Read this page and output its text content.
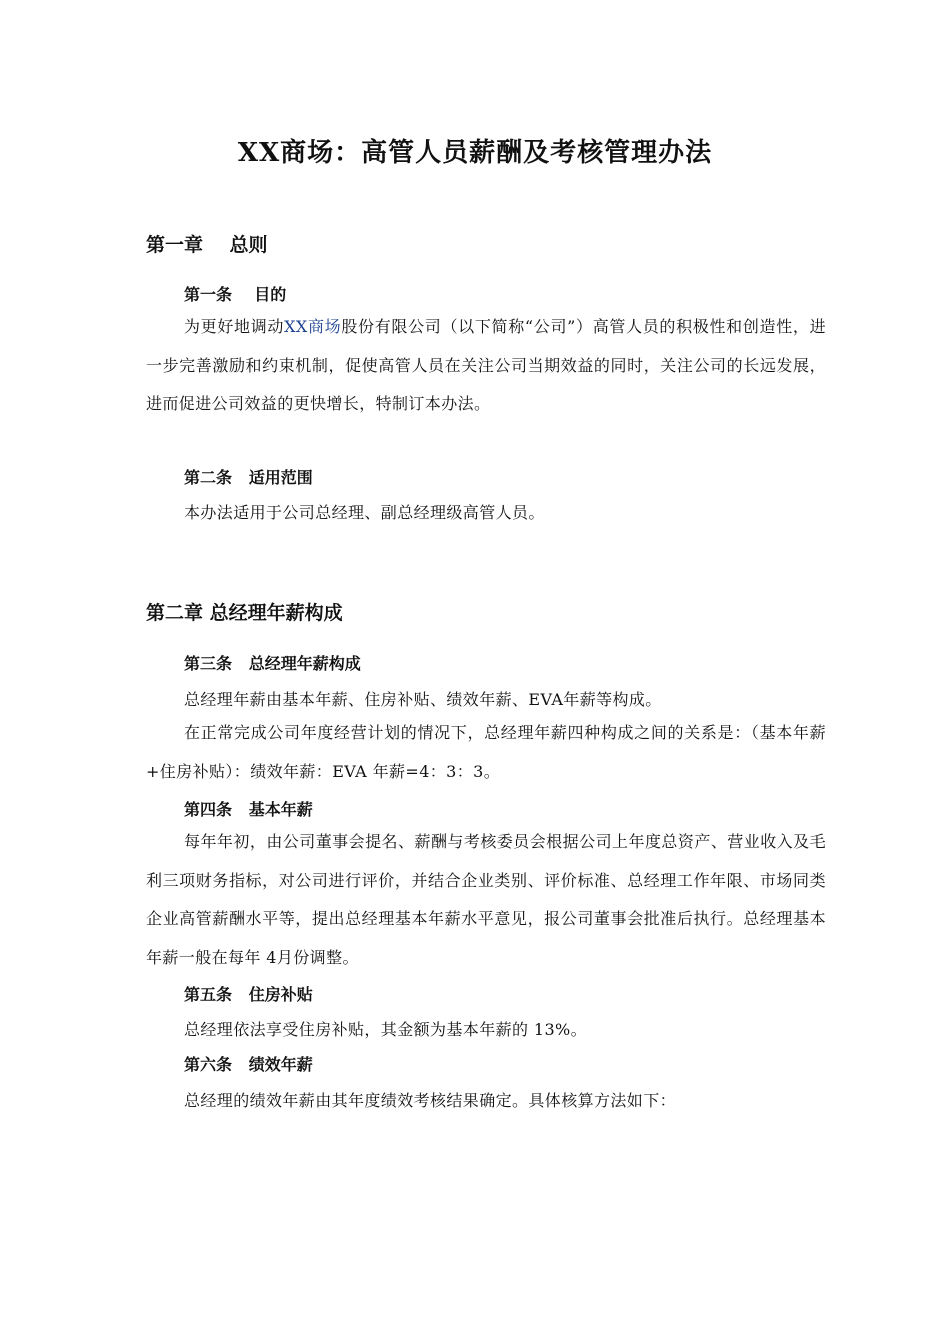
XX商场：高管人员薪酬及考核管理办法
第一章    总则
第一条    目的
为更好地调动XX商场股份有限公司（以下简称“公司”）高管人员的积极性和创造性，进一步完善激励和约束机制，促使高管人员在关注公司当期效益的同时，关注公司的长远发展，进而促进公司效益的更快增长，特制订本办法。
第二条   适用范围
本办法适用于公司总经理、副总经理级高管人员。
第二章 总经理年薪构成
第三条   总经理年薪构成
总经理年薪由基本年薪、住房补贴、绩效年薪、EVA年薪等构成。
在正常完成公司年度经营计划的情况下，总经理年薪四种构成之间的关系是：（基本年薪+住房补贴）：绩效年薪：EVA 年薪=4：3：3。
第四条   基本年薪
每年年初，由公司董事会提名、薪酬与考核委员会根据公司上年度总资产、营业收入及毛利三项财务指标，对公司进行评价，并结合企业类别、评价标准、总经理工作年限、市场同类企业高管薪酬水平等，提出总经理基本年薪水平意见，报公司董事会批准后执行。总经理基本年薪一般在每年 4月份调整。
第五条   住房补贴
总经理依法享受住房补贴，其金额为基本年薪的 13%。
第六条   绩效年薪
总经理的绩效年薪由其年度绩效考核结果确定。具体核算方法如下：
